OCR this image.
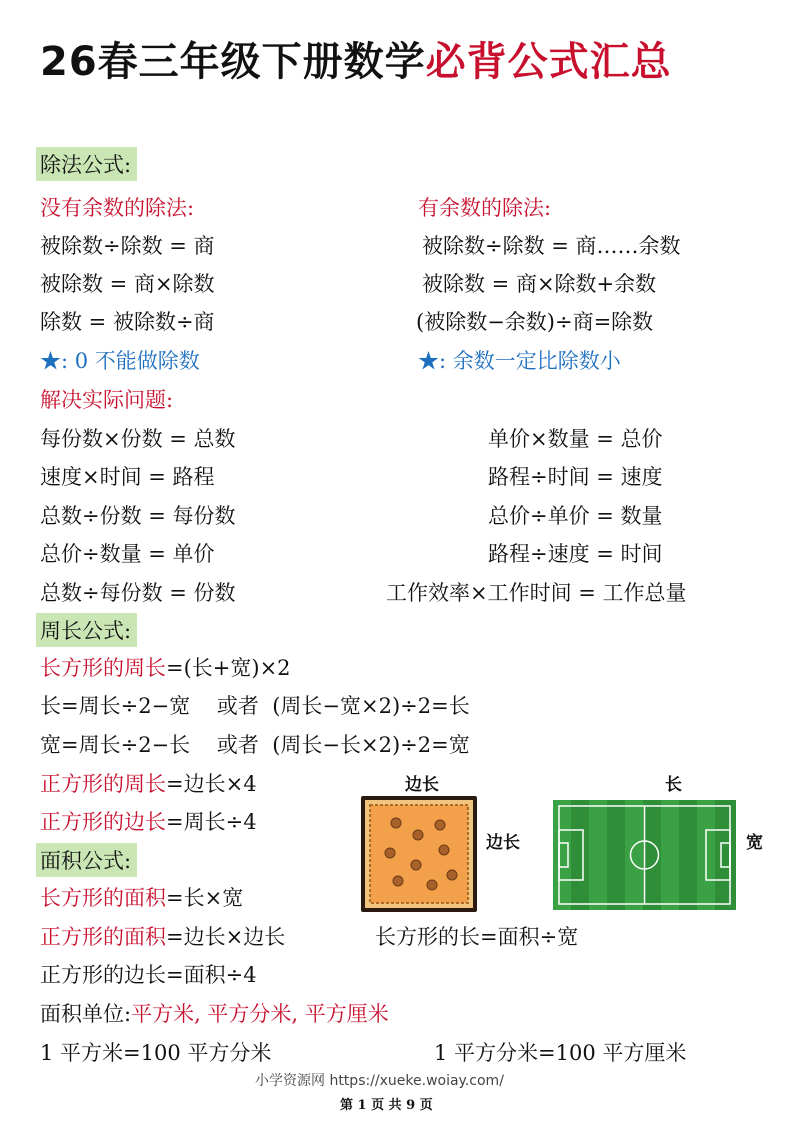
26春三年级下册数学必背公式汇总
除法公式:
没有余数的除法:
被除数÷除数 = 商
被除数 = 商×除数
除数 = 被除数÷商
★: 0 不能做除数
有余数的除法:
被除数÷除数 = 商……余数
被除数 = 商×除数+余数
(被除数−余数)÷商=除数
★: 余数一定比除数小
解决实际问题:
每份数×份数 = 总数
速度×时间 = 路程
总数÷份数 = 每份数
总价÷数量 = 单价
总数÷每份数 = 份数
单价×数量 = 总价
路程÷时间 = 速度
总价÷单价 = 数量
路程÷速度 = 时间
工作效率×工作时间 = 工作总量
周长公式:
长方形的周长=(长+宽)×2
长=周长÷2−宽    或者  (周长−宽×2)÷2=长
宽=周长÷2−长    或者  (周长−长×2)÷2=宽
正方形的周长=边长×4
正方形的边长=周长÷4
边长
边长
长
宽
面积公式:
长方形的面积=长×宽
正方形的面积=边长×边长	长方形的长=面积÷宽
正方形的边长=面积÷4
面积单位:平方米, 平方分米, 平方厘米
1 平方米=100 平方分米	1 平方分米=100 平方厘米
小学资源网 https://xueke.woiay.com/
第 1 页 共 9 页
